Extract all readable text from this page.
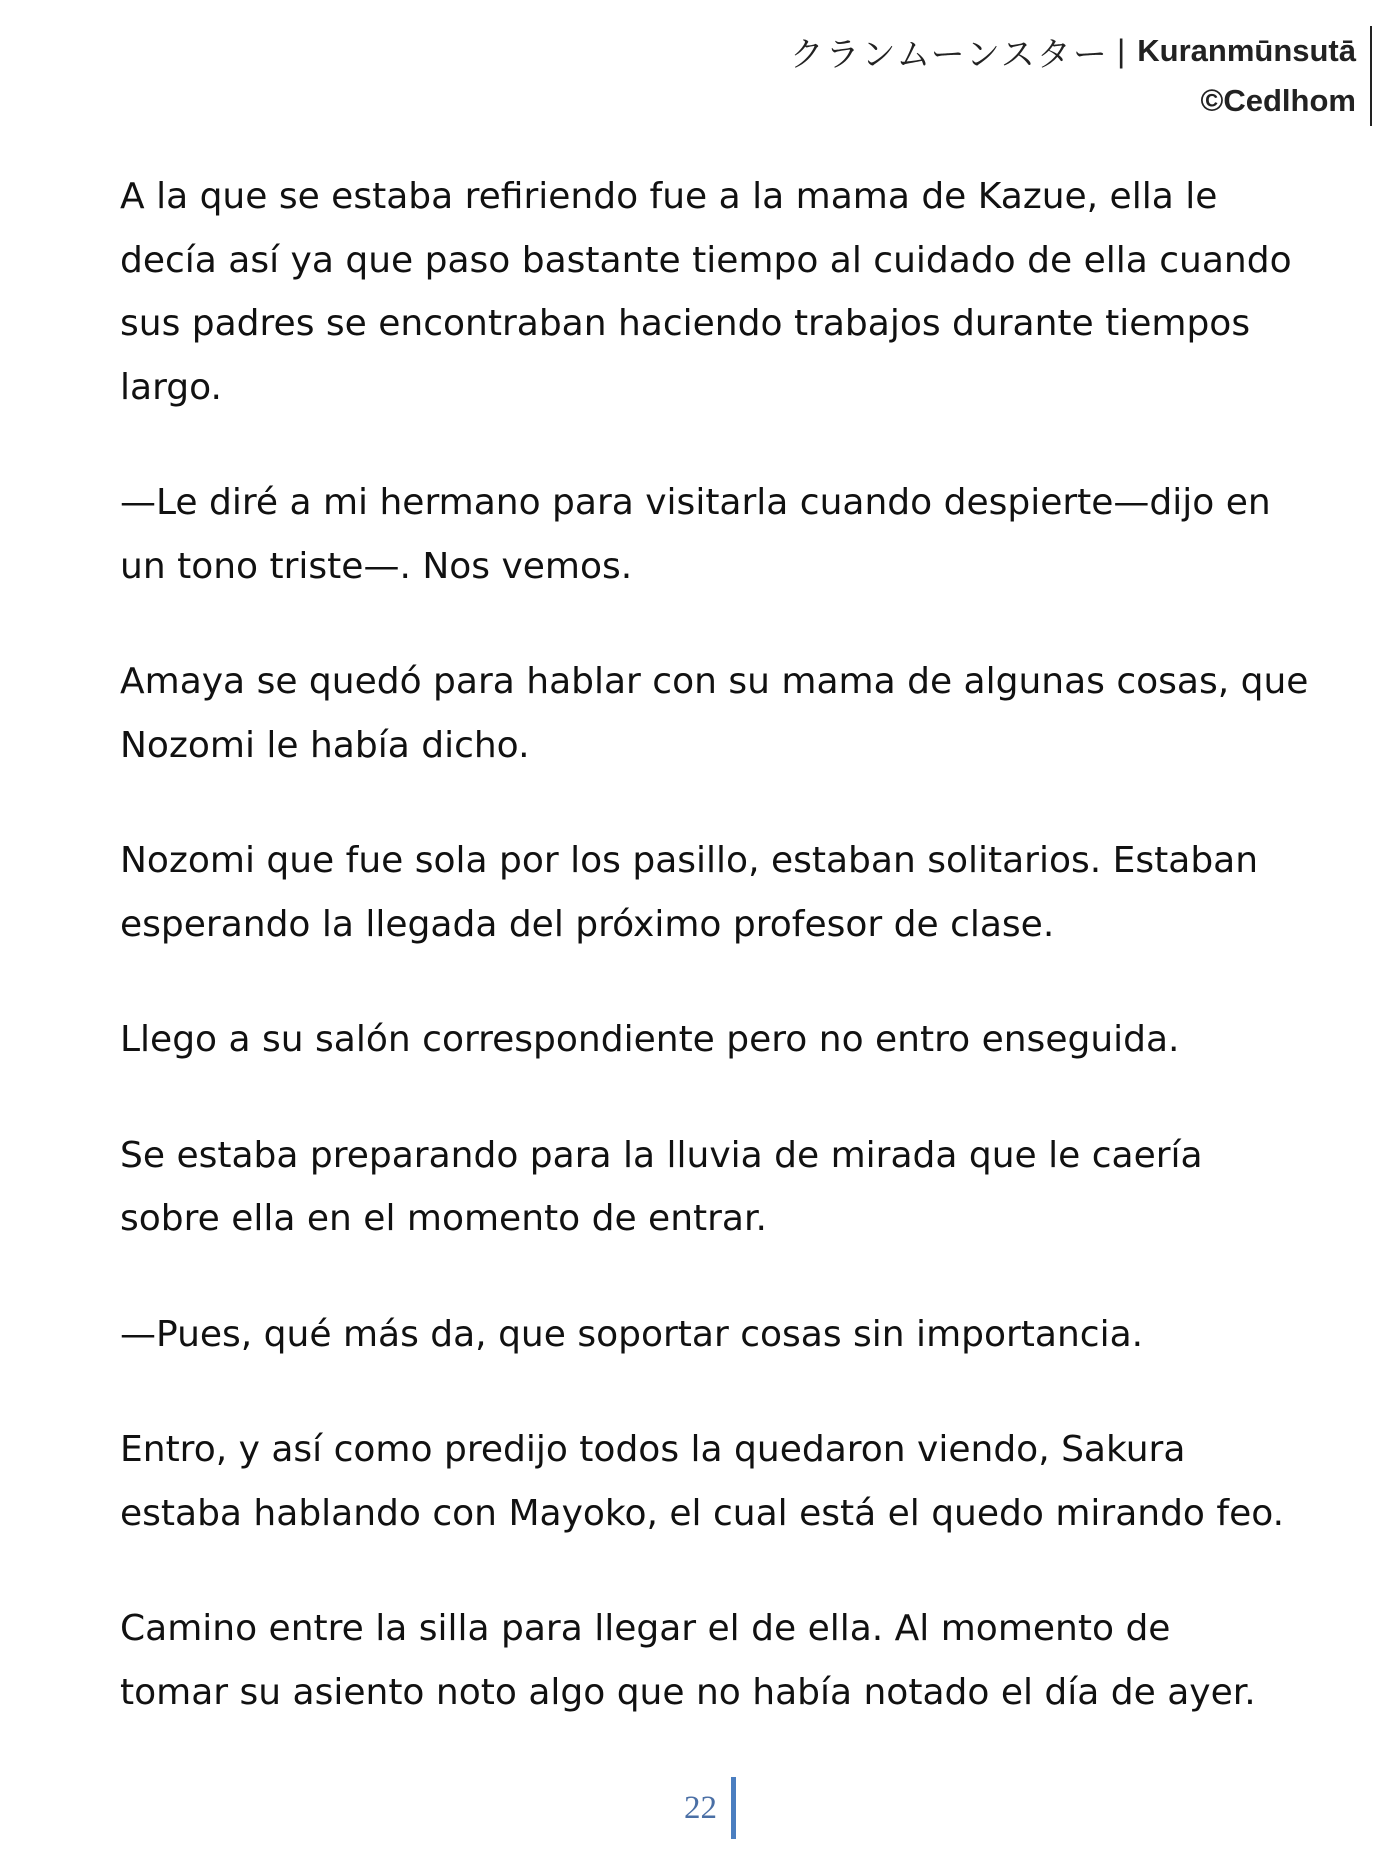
クランムーンスター | Kuranmūnsutā
©Cedlhom

A la que se estaba refiriendo fue a la mama de Kazue, ella le
decía así ya que paso bastante tiempo al cuidado de ella cuando
sus padres se encontraban haciendo trabajos durante tiempos
largo.

—Le diré a mi hermano para visitarla cuando despierte—dijo en
un tono triste—. Nos vemos.

Amaya se quedó para hablar con su mama de algunas cosas, que
Nozomi le había dicho.

Nozomi que fue sola por los pasillo, estaban solitarios. Estaban
esperando la llegada del próximo profesor de clase.

Llego a su salón correspondiente pero no entro enseguida.

Se estaba preparando para la lluvia de mirada que le caería
sobre ella en el momento de entrar.

—Pues, qué más da, que soportar cosas sin importancia.

Entro, y así como predijo todos la quedaron viendo, Sakura
estaba hablando con Mayoko, el cual está el quedo mirando feo.

Camino entre la silla para llegar el de ella. Al momento de
tomar su asiento noto algo que no había notado el día de ayer.

22
